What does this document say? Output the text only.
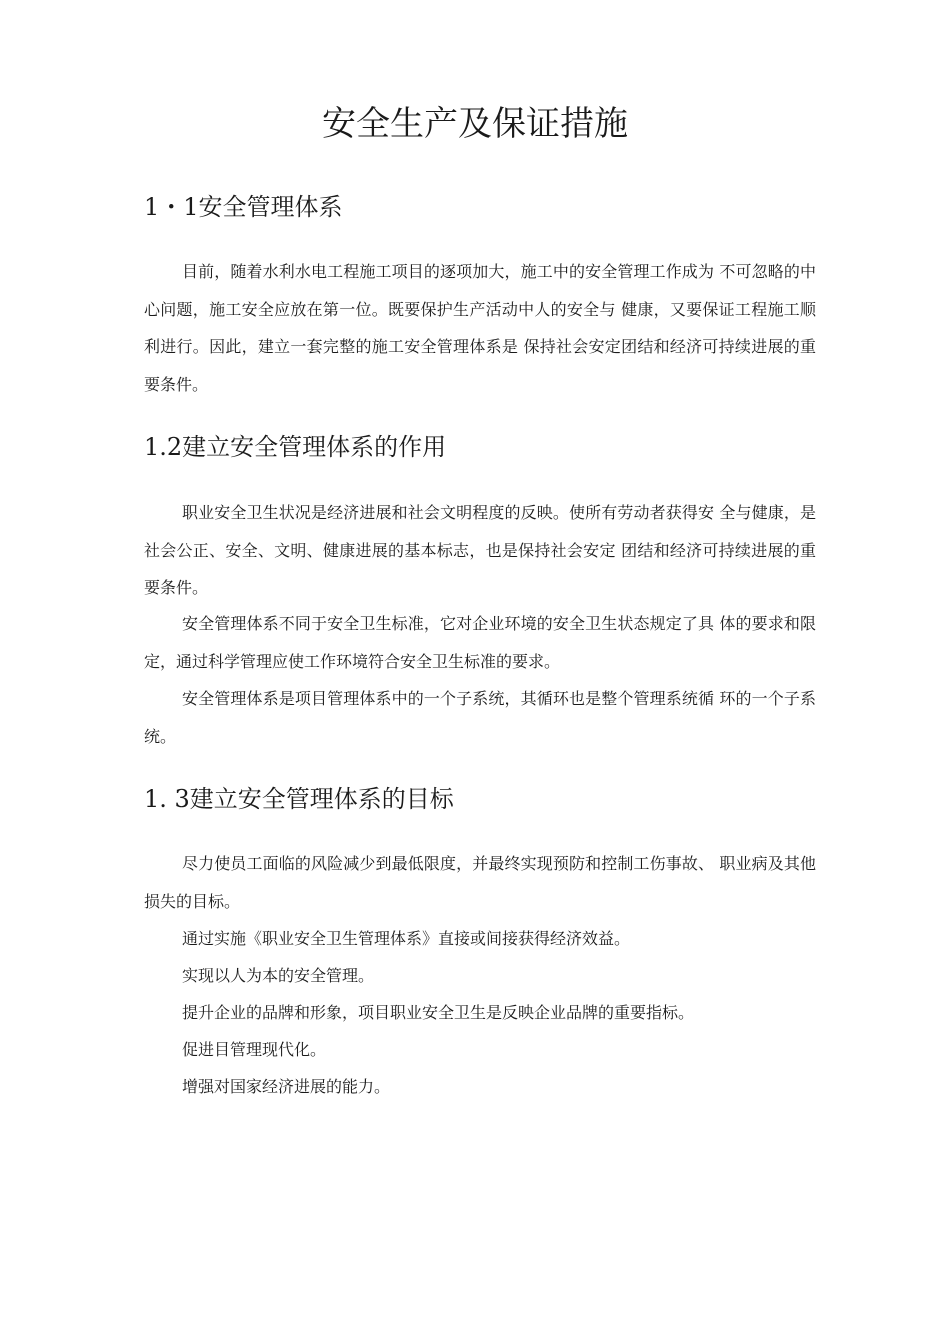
安全生产及保证措施
1・1安全管理体系

目前，随着水利水电工程施工项目的逐项加大，施工中的安全管理工作成为 不可忽略的中心问题，施工安全应放在第一位。既要保护生产活动中人的安全与 健康，又要保证工程施工顺利进行。因此，建立一套完整的施工安全管理体系是 保持社会安定团结和经济可持续进展的重要条件。

1.2建立安全管理体系的作用

职业安全卫生状况是经济进展和社会文明程度的反映。使所有劳动者获得安 全与健康，是社会公正、安全、文明、健康进展的基本标志，也是保持社会安定 团结和经济可持续进展的重要条件。

安全管理体系不同于安全卫生标准，它对企业环境的安全卫生状态规定了具 体的要求和限定，通过科学管理应使工作环境符合安全卫生标准的要求。

安全管理体系是项目管理体系中的一个子系统，其循环也是整个管理系统循 环的一个子系统。

1. 3建立安全管理体系的目标

尽力使员工面临的风险减少到最低限度，并最终实现预防和控制工伤事故、 职业病及其他损失的目标。

通过实施《职业安全卫生管理体系》直接或间接获得经济效益。

实现以人为本的安全管理。

提升企业的品牌和形象，项目职业安全卫生是反映企业品牌的重要指标。

促进目管理现代化。

增强对国家经济进展的能力。
